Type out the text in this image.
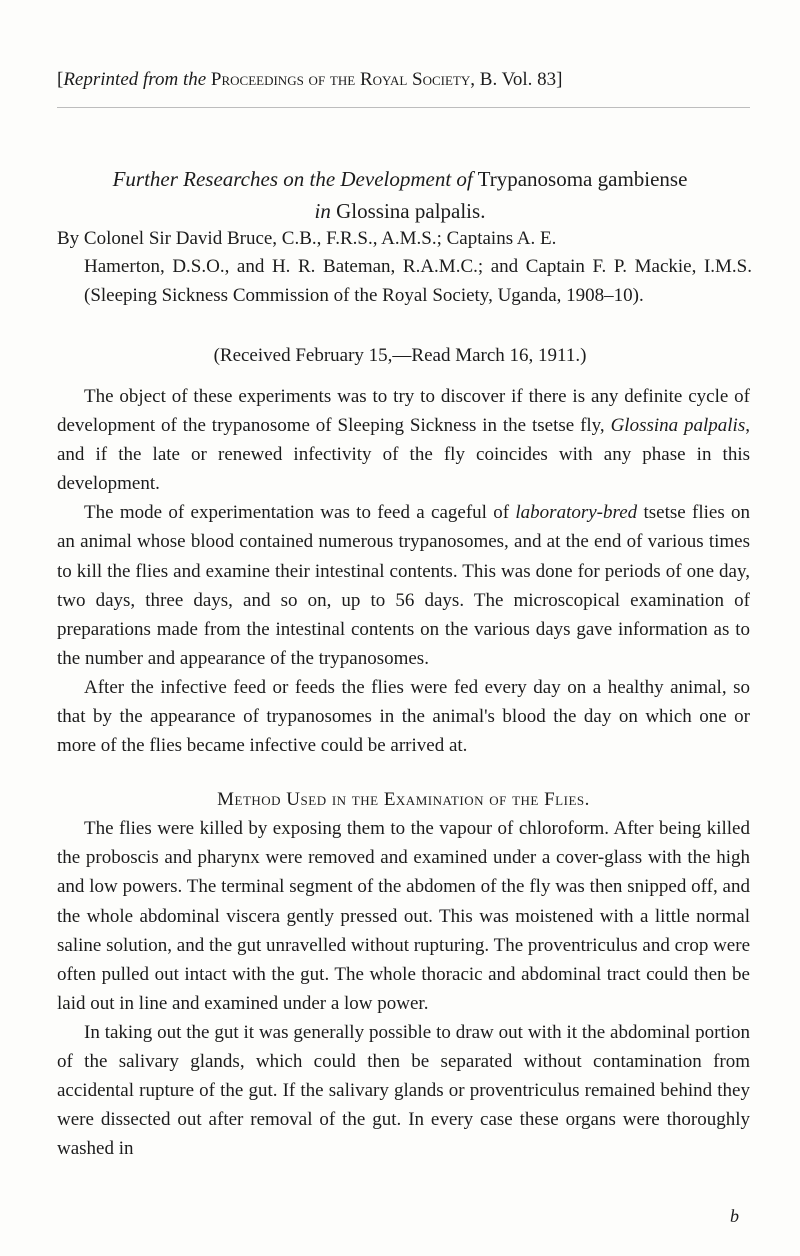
[Reprinted from the Proceedings of the Royal Society, B. Vol. 83]
Further Researches on the Development of Trypanosoma gambiense
in Glossina palpalis.
By Colonel Sir David Bruce, C.B., F.R.S., A.M.S.; Captains A. E.
Hamerton, D.S.O., and H. R. Bateman, R.A.M.C.; and Captain F. P. Mackie, I.M.S. (Sleeping Sickness Commission of the Royal Society, Uganda, 1908–10).
(Received February 15,—Read March 16, 1911.)

The object of these experiments was to try to discover if there is any definite cycle of development of the trypanosome of Sleeping Sickness in the tsetse fly, Glossina palpalis, and if the late or renewed infectivity of the fly coincides with any phase in this development.

The mode of experimentation was to feed a cageful of laboratory-bred tsetse flies on an animal whose blood contained numerous trypanosomes, and at the end of various times to kill the flies and examine their intestinal contents. This was done for periods of one day, two days, three days, and so on, up to 56 days. The microscopical examination of preparations made from the intestinal contents on the various days gave information as to the number and appearance of the trypanosomes.

After the infective feed or feeds the flies were fed every day on a healthy animal, so that by the appearance of trypanosomes in the animal's blood the day on which one or more of the flies became infective could be arrived at.

Method Used in the Examination of the Flies.

The flies were killed by exposing them to the vapour of chloroform. After being killed the proboscis and pharynx were removed and examined under a cover-glass with the high and low powers. The terminal segment of the abdomen of the fly was then snipped off, and the whole abdominal viscera gently pressed out. This was moistened with a little normal saline solution, and the gut unravelled without rupturing. The proventriculus and crop were often pulled out intact with the gut. The whole thoracic and abdominal tract could then be laid out in line and examined under a low power.

In taking out the gut it was generally possible to draw out with it the abdominal portion of the salivary glands, which could then be separated without contamination from accidental rupture of the gut. If the salivary glands or proventriculus remained behind they were dissected out after removal of the gut. In every case these organs were thoroughly washed in

b
